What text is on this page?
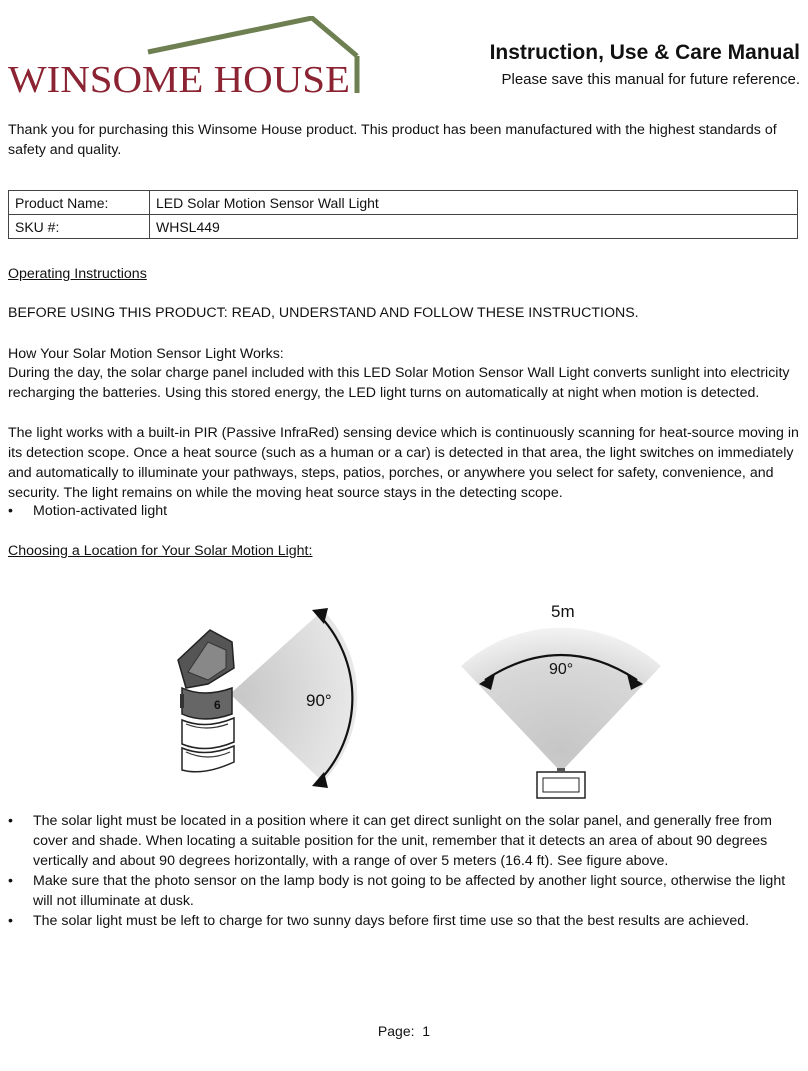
WINSOME HOUSE
Instruction, Use & Care Manual
Please save this manual for future reference.
Thank you for purchasing this Winsome House product. This product has been manufactured with the highest standards of safety and quality.
Product Name:	LED Solar Motion Sensor Wall Light
SKU #:	WHSL449
Operating Instructions
BEFORE USING THIS PRODUCT: READ, UNDERSTAND AND FOLLOW THESE INSTRUCTIONS.
How Your Solar Motion Sensor Light Works:
During the day, the solar charge panel included with this LED Solar Motion Sensor Wall Light converts sunlight into electricity recharging the batteries. Using this stored energy, the LED light turns on automatically at night when motion is detected.
The light works with a built-in PIR (Passive InfraRed) sensing device which is continuously scanning for heat-source moving in its detection scope. Once a heat source (such as a human or a car) is detected in that area, the light switches on immediately and automatically to illuminate your pathways, steps, patios, porches, or anywhere you select for safety, convenience, and security. The light remains on while the moving heat source stays in the detecting scope.
• Motion-activated light
Choosing a Location for Your Solar Motion Light:
90°
6
5m
90°
• The solar light must be located in a position where it can get direct sunlight on the solar panel, and generally free from cover and shade. When locating a suitable position for the unit, remember that it detects an area of about 90 degrees vertically and about 90 degrees horizontally, with a range of over 5 meters (16.4 ft). See figure above.
• Make sure that the photo sensor on the lamp body is not going to be affected by another light source, otherwise the light will not illuminate at dusk.
• The solar light must be left to charge for two sunny days before first time use so that the best results are achieved.
Page: 1
